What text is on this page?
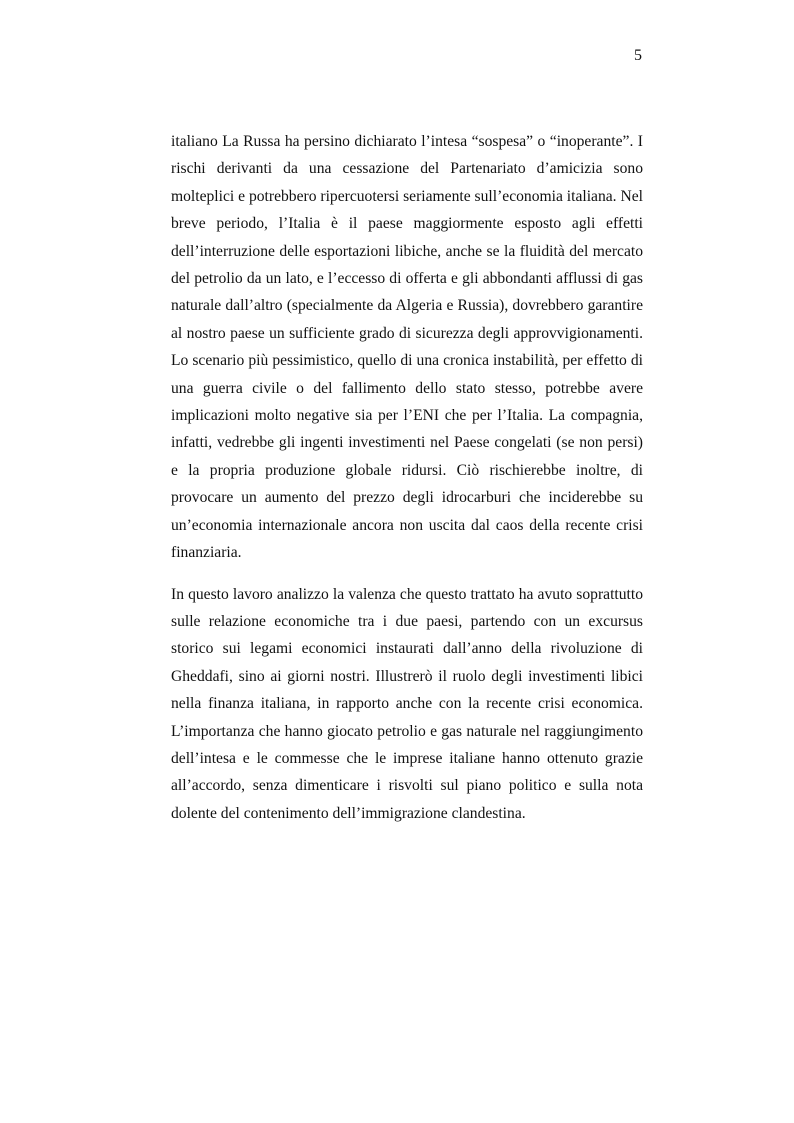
5

italiano La Russa ha persino dichiarato l’intesa “sospesa” o “inoperante”. I rischi derivanti da una cessazione del Partenariato d’amicizia sono molteplici e potrebbero ripercuotersi seriamente sull’economia italiana. Nel breve periodo, l’Italia è il paese maggiormente esposto agli effetti dell’interruzione delle esportazioni libiche, anche se la fluidità del mercato del petrolio da un lato, e l’eccesso di offerta e gli abbondanti afflussi di gas naturale dall’altro (specialmente da Algeria e Russia), dovrebbero garantire al nostro paese un sufficiente grado di sicurezza degli approvvigionamenti. Lo scenario più pessimistico, quello di una cronica instabilità, per effetto di una guerra civile o del fallimento dello stato stesso, potrebbe avere implicazioni molto negative sia per l’ENI che per l’Italia. La compagnia, infatti, vedrebbe gli ingenti investimenti nel Paese congelati (se non persi) e la propria produzione globale ridursi. Ciò rischierebbe inoltre, di provocare un aumento del prezzo degli idrocarburi che inciderebbe su un’economia internazionale ancora non uscita dal caos della recente crisi finanziaria.

In questo lavoro analizzo la valenza che questo trattato ha avuto soprattutto sulle relazione economiche tra i due paesi, partendo con un excursus storico sui legami economici instaurati dall’anno della rivoluzione di Gheddafi, sino ai giorni nostri. Illustrerò il ruolo degli investimenti libici nella finanza italiana, in rapporto anche con la recente crisi economica. L’importanza che hanno giocato petrolio e gas naturale nel raggiungimento dell’intesa e le commesse che le imprese italiane hanno ottenuto grazie all’accordo, senza dimenticare i risvolti sul piano politico e sulla nota dolente del contenimento dell’immigrazione clandestina.
